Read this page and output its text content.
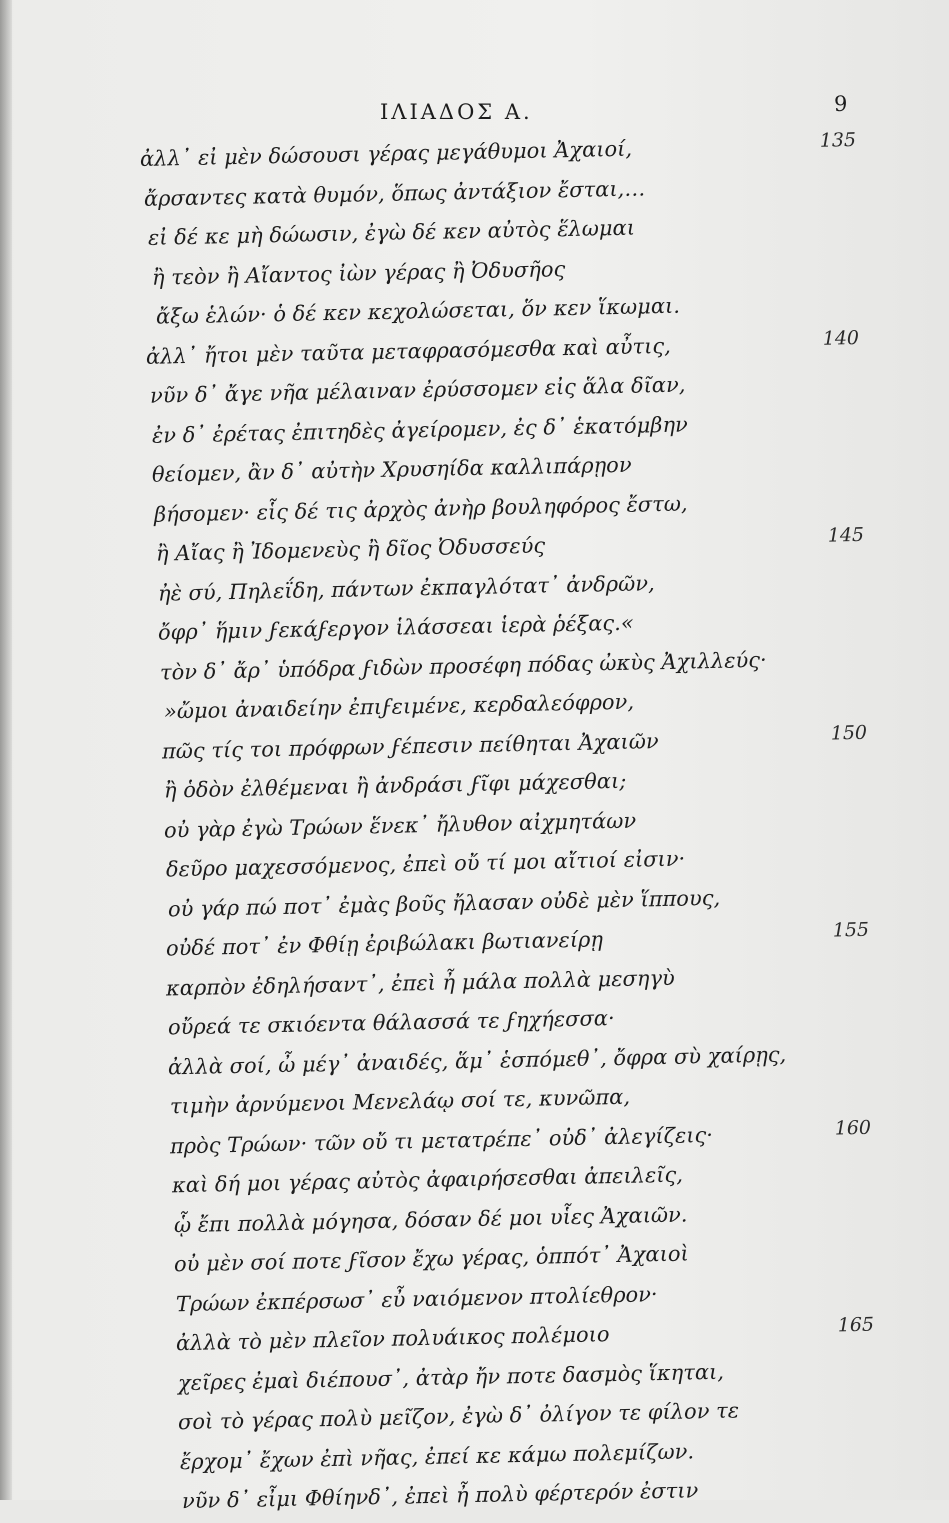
ΙΛΙΑΔΟΣ Α.	9
ἀλλ᾽ εἰ μὲν δώσουσι γέρας μεγάθυμοι Ἀχαιοί,	135
ἄρσαντες κατὰ θυμόν, ὅπως ἀντάξιον ἔσται,…
εἰ δέ κε μὴ δώωσιν, ἐγὼ δέ κεν αὐτὸς ἕλωμαι
ἢ τεὸν ἢ Αἴαντος ἰὼν γέρας ἢ Ὀδυσῆος
ἄξω ἑλών· ὁ δέ κεν κεχολώσεται, ὅν κεν ἵκωμαι.
ἀλλ᾽ ἤτοι μὲν ταῦτα μεταφρασόμεσθα καὶ αὖτις,	140
νῦν δ᾽ ἄγε νῆα μέλαιναν ἐρύσσομεν εἰς ἅλα δῖαν,
ἐν δ᾽ ἐρέτας ἐπιτηδὲς ἀγείρομεν, ἐς δ᾽ ἑκατόμβην
θείομεν, ἂν δ᾽ αὐτὴν Χρυσηίδα καλλιπάρῃον
βήσομεν· εἷς δέ τις ἀρχὸς ἀνὴρ βουληφόρος ἔστω,
ἢ Αἴας ἢ Ἰδομενεὺς ἢ δῖος Ὀδυσσεύς	145
ἠὲ σύ, Πηλεΐδη, πάντων ἐκπαγλότατ᾽ ἀνδρῶν,
ὄφρ᾽ ἥμιν ϝεκάϝεργον ἱλάσσεαι ἱερὰ ῥέξας.«
τὸν δ᾽ ἄρ᾽ ὑπόδρα ϝιδὼν προσέφη πόδας ὠκὺς Ἀχιλλεύς·
»ὤμοι ἀναιδείην ἐπιϝειμένε, κερδαλεόφρον,
πῶς τίς τοι πρόφρων ϝέπεσιν πείθηται Ἀχαιῶν	150
ἢ ὁδὸν ἐλθέμεναι ἢ ἀνδράσι ϝῖφι μάχεσθαι;
οὐ γὰρ ἐγὼ Τρώων ἕνεκ᾽ ἤλυθον αἰχμητάων
δεῦρο μαχεσσόμενος, ἐπεὶ οὔ τί μοι αἴτιοί εἰσιν·
οὐ γάρ πώ ποτ᾽ ἐμὰς βοῦς ἤλασαν οὐδὲ μὲν ἵππους,
οὐδέ ποτ᾽ ἐν Φθίῃ ἐριβώλακι βωτιανείρῃ	155
καρπὸν ἐδηλήσαντ᾽, ἐπεὶ ἦ μάλα πολλὰ μεσηγὺ
οὔρεά τε σκιόεντα θάλασσά τε ϝηχήεσσα·
ἀλλὰ σοί, ὦ μέγ᾽ ἀναιδές, ἅμ᾽ ἑσπόμεθ᾽, ὄφρα σὺ χαίρῃς,
τιμὴν ἀρνύμενοι Μενελάῳ σοί τε, κυνῶπα,
πρὸς Τρώων· τῶν οὔ τι μετατρέπε᾽ οὐδ᾽ ἀλεγίζεις·	160
καὶ δή μοι γέρας αὐτὸς ἀφαιρήσεσθαι ἀπειλεῖς,
ᾧ ἔπι πολλὰ μόγησα, δόσαν δέ μοι υἷες Ἀχαιῶν.
οὐ μὲν σοί ποτε ϝῖσον ἔχω γέρας, ὁππότ᾽ Ἀχαιοὶ
Τρώων ἐκπέρσωσ᾽ εὖ ναιόμενον πτολίεθρον·
ἀλλὰ τὸ μὲν πλεῖον πολυάικος πολέμοιο	165
χεῖρες ἐμαὶ διέπουσ᾽, ἀτὰρ ἤν ποτε δασμὸς ἵκηται,
σοὶ τὸ γέρας πολὺ μεῖζον, ἐγὼ δ᾽ ὀλίγον τε φίλον τε
ἔρχομ᾽ ἔχων ἐπὶ νῆας, ἐπεί κε κάμω πολεμίζων.
νῦν δ᾽ εἶμι Φθίηνδ᾽, ἐπεὶ ἦ πολὺ φέρτερόν ἐστιν
